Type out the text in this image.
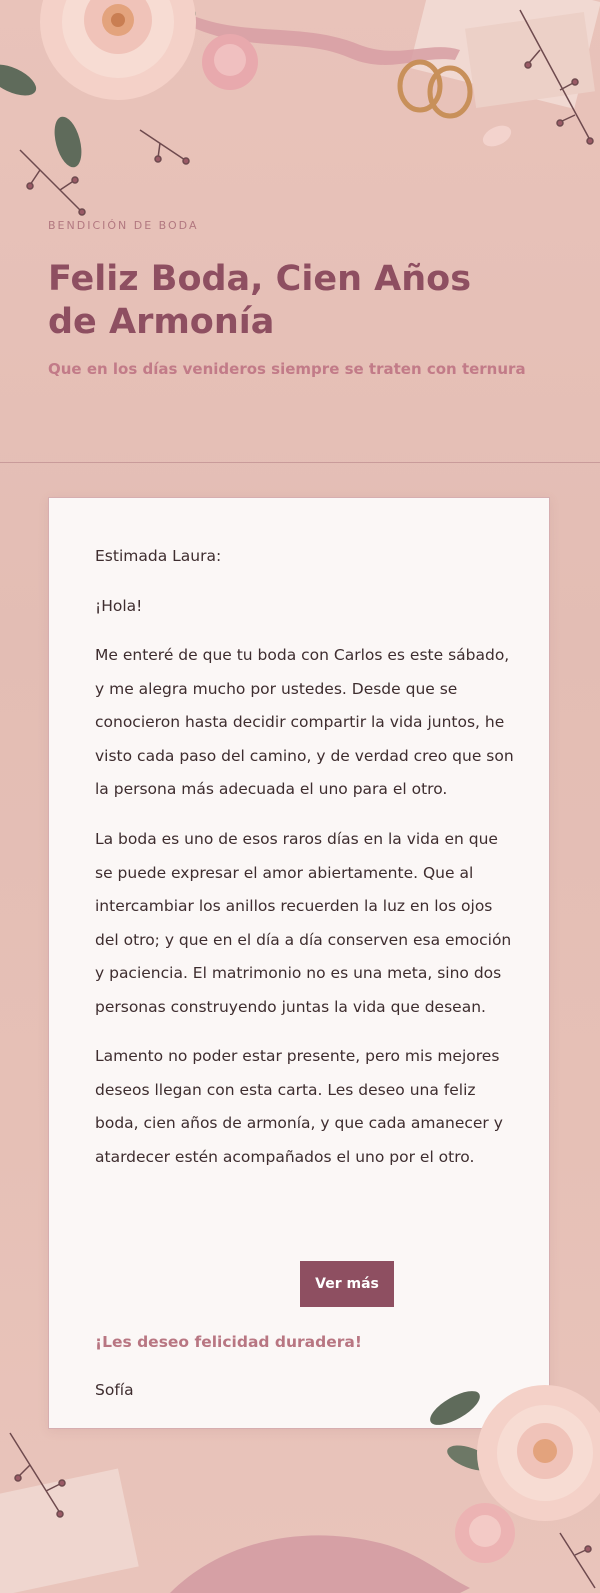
BENDICIÓN DE BODA
Feliz Boda, Cien Años de Armonía

Que en los días venideros siempre se traten con ternura

Estimada Laura:

¡Hola!

Me enteré de que tu boda con Carlos es este sábado, y me alegra mucho por ustedes. Desde que se conocieron hasta decidir compartir la vida juntos, he visto cada paso del camino, y de verdad creo que son la persona más adecuada el uno para el otro.

La boda es uno de esos raros días en la vida en que se puede expresar el amor abiertamente. Que al intercambiar los anillos recuerden la luz en los ojos del otro; y que en el día a día conserven esa emoción y paciencia. El matrimonio no es una meta, sino dos personas construyendo juntas la vida que desean.

Lamento no poder estar presente, pero mis mejores deseos llegan con esta carta. Les deseo una feliz boda, cien años de armonía, y que cada amanecer y atardecer estén acompañados el uno por el otro.

Ver más

¡Les deseo felicidad duradera!

Sofía
